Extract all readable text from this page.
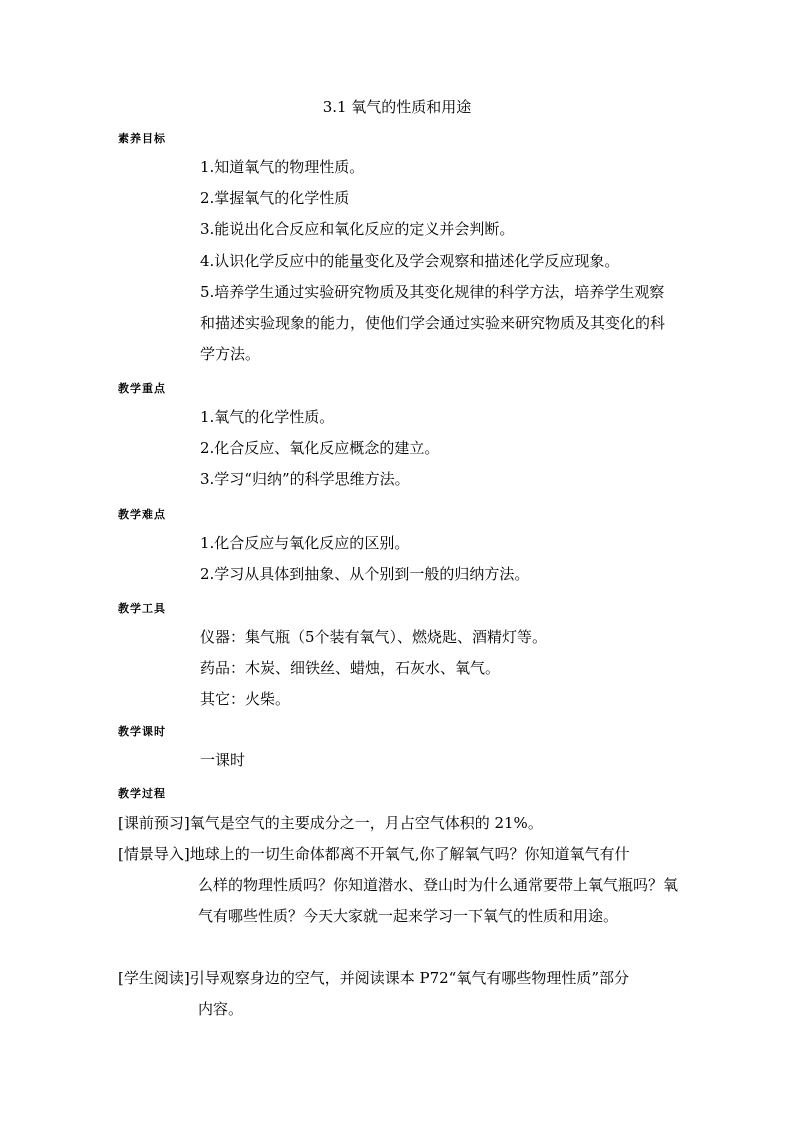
3.1 氧气的性质和用途
素养目标
1.知道氧气的物理性质。
2.掌握氧气的化学性质
3.能说出化合反应和氧化反应的定义并会判断。
4.认识化学反应中的能量变化及学会观察和描述化学反应现象。
5.培养学生通过实验研究物质及其变化规律的科学方法，培养学生观察和描述实验现象的能力，使他们学会通过实验来研究物质及其变化的科学方法。
教学重点
1.氧气的化学性质。
2.化合反应、氧化反应概念的建立。
3.学习“归纳”的科学思维方法。
教学难点
1.化合反应与氧化反应的区别。
2.学习从具体到抽象、从个别到一般的归纳方法。
教学工具
仪器：集气瓶（5个装有氧气）、燃烧匙、酒精灯等。
药品：木炭、细铁丝、蜡烛，石灰水、氧气。
其它：火柴。
教学课时
一课时
教学过程
[课前预习]氧气是空气的主要成分之一，月占空气体积的 21%。
[情景导入]地球上的一切生命体都离不开氧气,你了解氧气吗？你知道氧气有什
么样的物理性质吗？你知道潜水、登山时为什么通常要带上氧气瓶吗？氧气有哪些性质？今天大家就一起来学习一下氧气的性质和用途。
[学生阅读]引导观察身边的空气，并阅读课本 P72“氧气有哪些物理性质”部分
内容。
